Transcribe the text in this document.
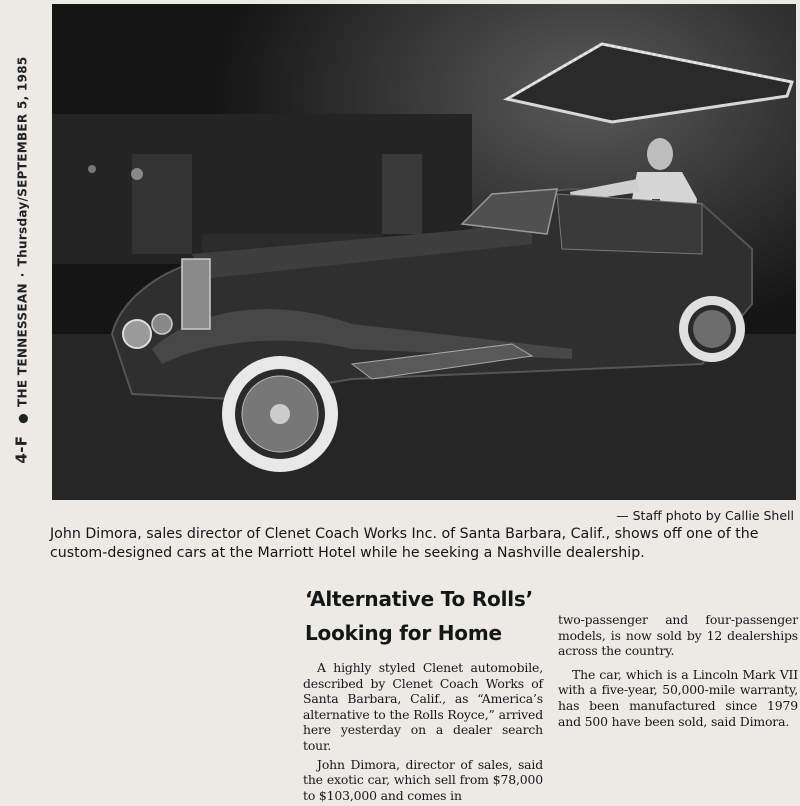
4-F●THE TENNESSEAN·Thursday/SEPTEMBER 5, 1985
— Staff photo by Callie Shell
John Dimora, sales director of Clenet Coach Works Inc. of Santa Barbara, Calif., shows off one of the custom-designed cars at the Marriott Hotel while he seeking a Nashville dealership.
‘Alternative To Rolls’
Looking for Home

A highly styled Clenet automobile, described by Clenet Coach Works of Santa Barbara, Calif., as “America’s alternative to the Rolls Royce,” arrived here yesterday on a dealer search tour.

John Dimora, director of sales, said the exotic car, which sell from $78,000 to $103,000 and comes in

two-passenger and four-passenger models, is now sold by 12 dealerships across the country.

The car, which is a Lincoln Mark VII with a five-year, 50,000-mile warranty, has been manufactured since 1979 and 500 have been sold, said Dimora.
